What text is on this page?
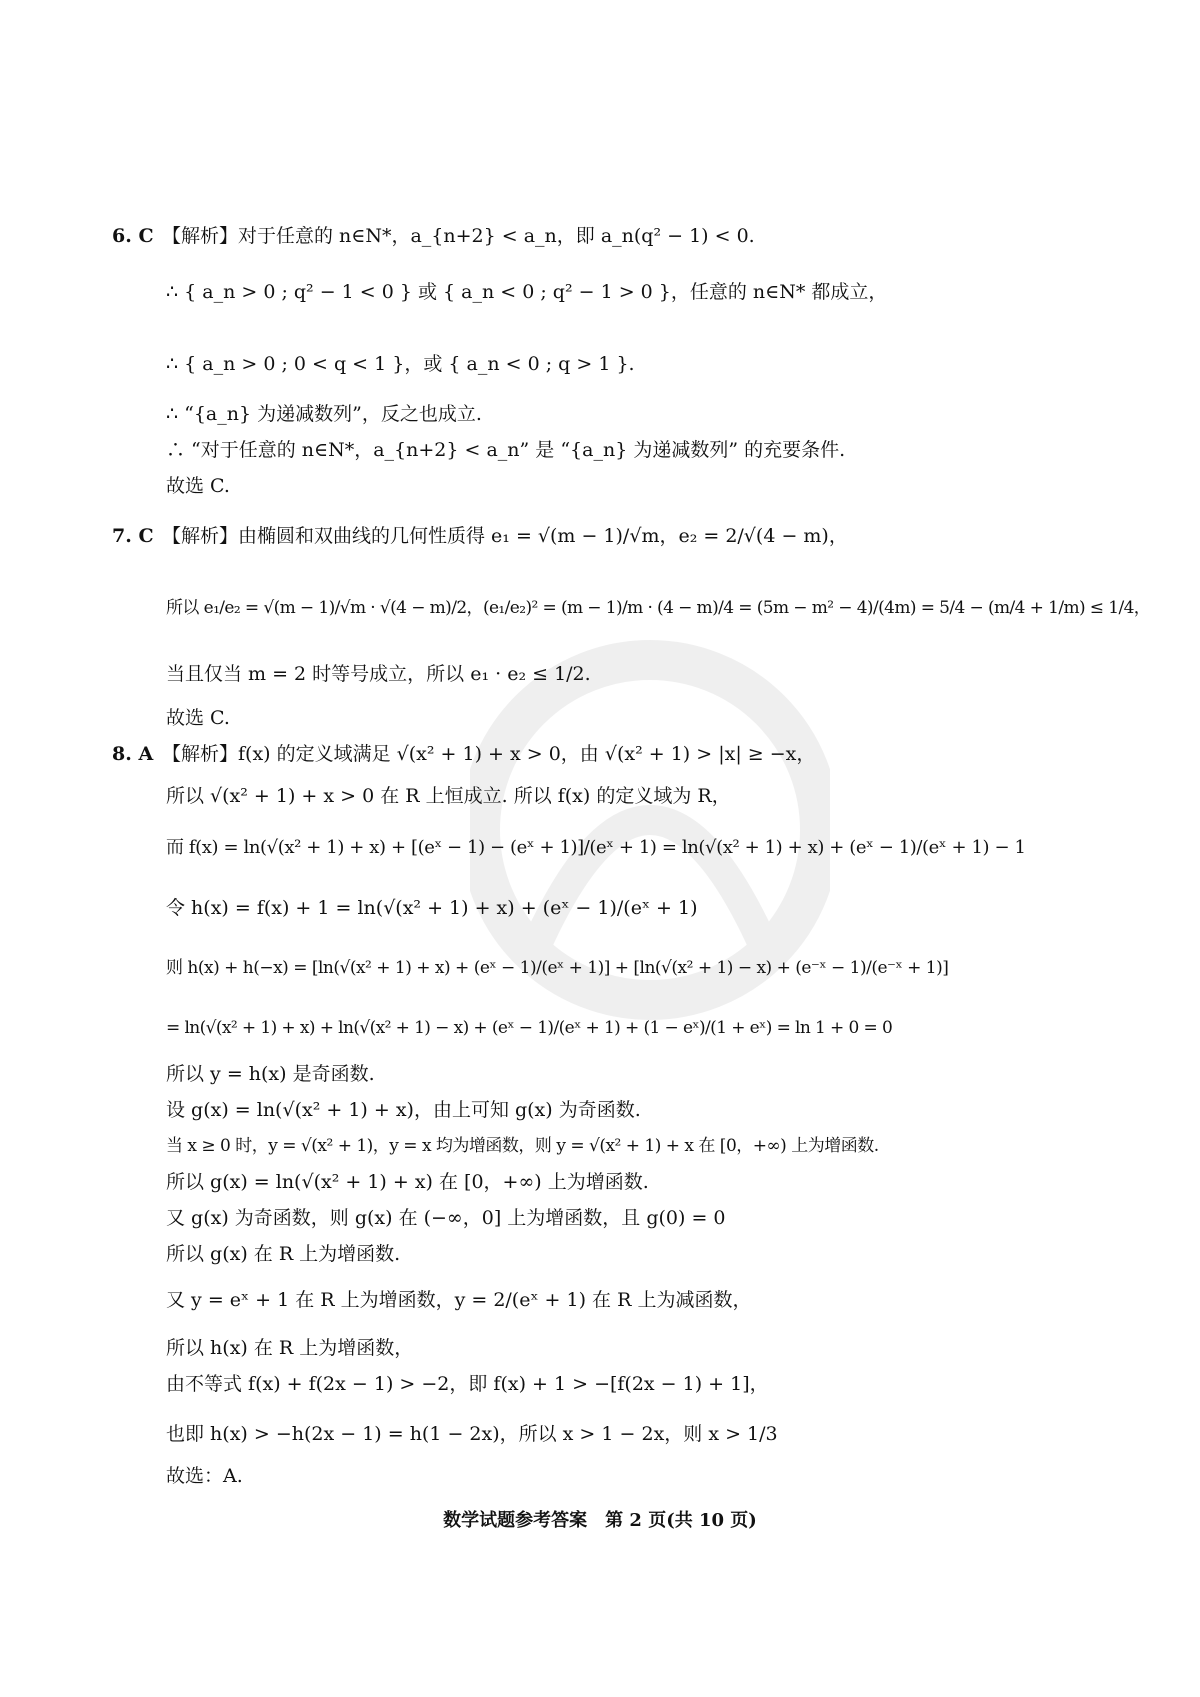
6. C 【解析】对于任意的 n∈N*，a_{n+2} < a_n，即 a_n(q² − 1) < 0.
∴ { a_n > 0 ; q² − 1 < 0 } 或 { a_n < 0 ; q² − 1 > 0 }，任意的 n∈N* 都成立，
∴ { a_n > 0 ; 0 < q < 1 }，或 { a_n < 0 ; q > 1 }.
∴ “{a_n} 为递减数列”，反之也成立.
∴ “对于任意的 n∈N*，a_{n+2} < a_n” 是 “{a_n} 为递减数列” 的充要条件.
故选 C.
7. C 【解析】由椭圆和双曲线的几何性质得 e₁ = √(m − 1)/√m，e₂ = 2/√(4 − m)，
所以 e₁/e₂ = √(m − 1)/√m · √(4 − m)/2，(e₁/e₂)² = (m − 1)/m · (4 − m)/4 = (5m − m² − 4)/(4m) = 5/4 − (m/4 + 1/m) ≤ 1/4，
当且仅当 m = 2 时等号成立，所以 e₁ · e₂ ≤ 1/2.
故选 C.
8. A 【解析】f(x) 的定义域满足 √(x² + 1) + x > 0，由 √(x² + 1) > |x| ≥ −x，
所以 √(x² + 1) + x > 0 在 R 上恒成立. 所以 f(x) 的定义域为 R，
而 f(x) = ln(√(x² + 1) + x) + [(eˣ − 1) − (eˣ + 1)]/(eˣ + 1) = ln(√(x² + 1) + x) + (eˣ − 1)/(eˣ + 1) − 1
令 h(x) = f(x) + 1 = ln(√(x² + 1) + x) + (eˣ − 1)/(eˣ + 1)
则 h(x) + h(−x) = [ln(√(x² + 1) + x) + (eˣ − 1)/(eˣ + 1)] + [ln(√(x² + 1) − x) + (e⁻ˣ − 1)/(e⁻ˣ + 1)]
= ln(√(x² + 1) + x) + ln(√(x² + 1) − x) + (eˣ − 1)/(eˣ + 1) + (1 − eˣ)/(1 + eˣ) = ln 1 + 0 = 0
所以 y = h(x) 是奇函数.
设 g(x) = ln(√(x² + 1) + x)，由上可知 g(x) 为奇函数.
当 x ≥ 0 时，y = √(x² + 1)，y = x 均为增函数，则 y = √(x² + 1) + x 在 [0，+∞) 上为增函数.
所以 g(x) = ln(√(x² + 1) + x) 在 [0，+∞) 上为增函数.
又 g(x) 为奇函数，则 g(x) 在 (−∞，0] 上为增函数，且 g(0) = 0
所以 g(x) 在 R 上为增函数.
又 y = eˣ + 1 在 R 上为增函数，y = 2/(eˣ + 1) 在 R 上为减函数，
所以 h(x) 在 R 上为增函数，
由不等式 f(x) + f(2x − 1) > −2，即 f(x) + 1 > −[f(2x − 1) + 1]，
也即 h(x) > −h(2x − 1) = h(1 − 2x)，所以 x > 1 − 2x，则 x > 1/3
故选：A.
数学试题参考答案　第 2 页(共 10 页)
